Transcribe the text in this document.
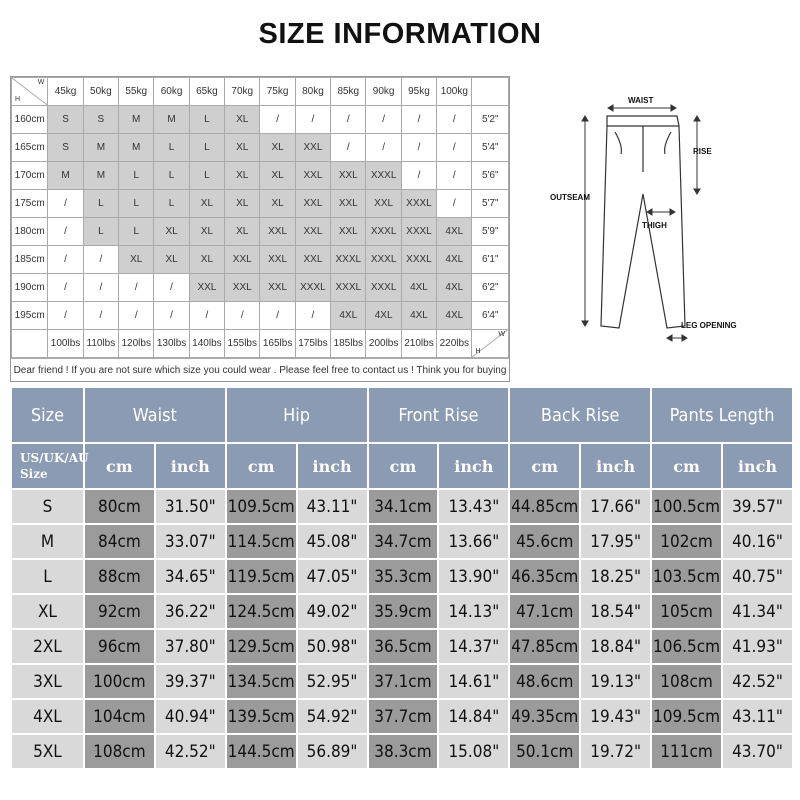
SIZE INFORMATION
H
W	45kg	50kg	55kg	60kg	65kg	70kg	75kg	80kg	85kg	90kg	95kg	100kg	
160cm	S	S	M	M	L	XL	/	/	/	/	/	/	5'2"
165cm	S	M	M	L	L	XL	XL	XXL	/	/	/	/	5'4"
170cm	M	M	L	L	L	XL	XL	XXL	XXL	XXXL	/	/	5'6"
175cm	/	L	L	L	XL	XL	XL	XXL	XXL	XXL	XXXL	/	5'7"
180cm	/	L	L	XL	XL	XL	XXL	XXL	XXL	XXXL	XXXL	4XL	5'9"
185cm	/	/	XL	XL	XL	XXL	XXL	XXL	XXXL	XXXL	XXXL	4XL	6'1"
190cm	/	/	/	/	XXL	XXL	XXL	XXXL	XXXL	XXXL	4XL	4XL	6'2"
195cm	/	/	/	/	/	/	/	/	4XL	4XL	4XL	4XL	6'4"
	100lbs	110lbs	120lbs	130lbs	140lbs	155lbs	165lbs	175lbs	185lbs	200lbs	210lbs	220lbs	H
W
Dear friend ! If you are not sure which size you could wear . Please feel free to contact us ! Think you for buying
WAIST
RISE
OUTSEAM
THIGH
LEG OPENING
Size	Waist		Hip		Front Rise		Back Rise		Pants Length	
US/UK/AU
Size	cm	inch	cm	inch	cm	inch	cm	inch	cm	inch
S	80cm	31.50"	109.5cm	43.11"	34.1cm	13.43"	44.85cm	17.66"	100.5cm	39.57"
M	84cm	33.07"	114.5cm	45.08"	34.7cm	13.66"	45.6cm	17.95"	102cm	40.16"
L	88cm	34.65"	119.5cm	47.05"	35.3cm	13.90"	46.35cm	18.25"	103.5cm	40.75"
XL	92cm	36.22"	124.5cm	49.02"	35.9cm	14.13"	47.1cm	18.54"	105cm	41.34"
2XL	96cm	37.80"	129.5cm	50.98"	36.5cm	14.37"	47.85cm	18.84"	106.5cm	41.93"
3XL	100cm	39.37"	134.5cm	52.95"	37.1cm	14.61"	48.6cm	19.13"	108cm	42.52"
4XL	104cm	40.94"	139.5cm	54.92"	37.7cm	14.84"	49.35cm	19.43"	109.5cm	43.11"
5XL	108cm	42.52"	144.5cm	56.89"	38.3cm	15.08"	50.1cm	19.72"	111cm	43.70"
